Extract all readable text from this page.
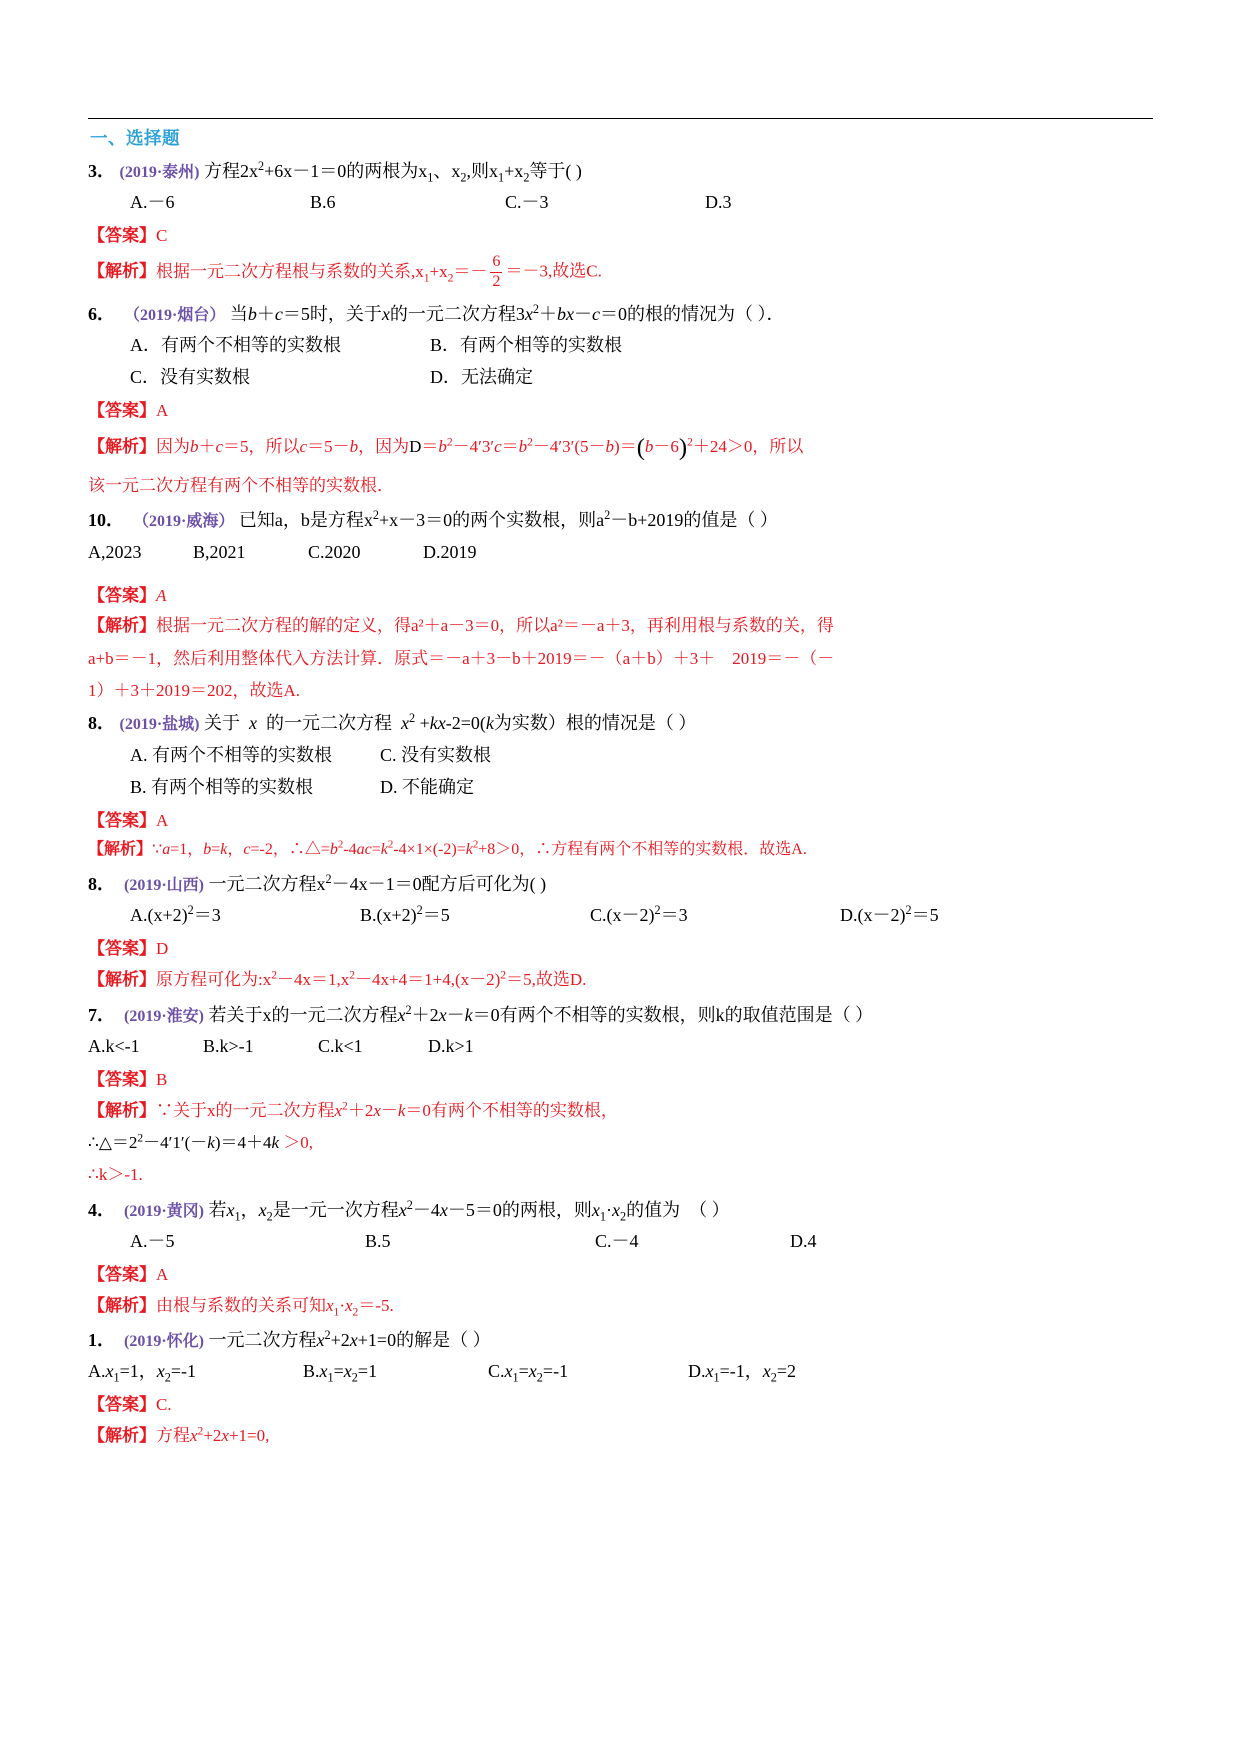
一、选择题
3． (2019·泰州) 方程$2x^2+6x-1=0$的两根为$x_1$、$x_2$,则$x_1+x_2$等于( )
A.－6	B.6	C.－3	D.3
【答案】C
【解析】根据一元二次方程根与系数的关系$,x_1+x_2=- \frac{6}{2} =-3$,故选C.
6． （2019·烟台） 当b＋c＝5时，关于x的一元二次方程$3x^2+bx-c=0$的根的情况为（ ）．
A．有两个不相等的实数根	B．有两个相等的实数根
C．没有实数根	D．无法确定
【答案】A
【解析】因为b＋c＝5，所以c＝5－b，因为$D=b^2-4'3'c=b^2-4'3'(5-b)=(b-6)^2+24>0$，所以
该一元二次方程有两个不相等的实数根．
10． （2019·威海） 已知a，b是方程$x^2+x-3=0$的两个实数根，则$a^2-b+2019$的值是（ ）
A,2023	B,2021	C.2020	D.2019
【答案】A
【解析】根据一元二次方程的解的定义，得a²＋a－3＝0，所以a²＝－a＋3，再利用根与系数的关，得
a+b＝－1，然后利用整体代入方法计算．原式＝－a＋3－b＋2019＝－（a＋b）＋3＋　2019＝－（－
1）＋3＋2019＝202，故选A.
8． (2019·盐城) 关于  x  的一元二次方程  $x^2 +kx-2=0(k$为实数）根的情况是（ ）
A. 有两个不相等的实数根	C. 没有实数根
B. 有两个相等的实数根	D. 不能确定
【答案】A
【解析】∵a=1，b=k，c=-2，$\therefore\triangle=b^2-4ac=k^2-4\times 1\times(-2)=k^2+8>0$，∴方程有两个不相等的实数根．故选A.
8． (2019·山西) 一元二次方程$x^2-4x-1=0$配方后可化为( )
$A.(x+2)^2=3$	$B.(x+2)^2=5$	$C.(x-2)^2=3$	$D.(x-2)^2=5$
【答案】D
【解析】原方程可化为$:x^2-4x=1,x^2-4x+4=1+4,(x-2)^2=5$,故选D.
7． (2019·淮安) 若关于x的一元二次方程$x^2+2x-k=0$有两个不相等的实数根，则k的取值范围是（ ）
A.k<-1	B.k>-1	C.k<1	D.k>1
【答案】B
【解析】∵关于x的一元二次方程$x^2+2x-k=0$有两个不相等的实数根，
$\therefore\triangle=2^2-4'1'(-k)=4+4k >0$,
∴k＞-1.
4． (2019·黄冈) 若$x_1$，$x_2$是一元一次方程$x^2-4x-5=0$的两根，则$x_1\cdot x_2$的值为  （ ）
A.－5	B.5	C.－4	D.4
【答案】A
【解析】由根与系数的关系可知$x_1\cdot x_2=-5$.
1． (2019·怀化) 一元二次方程$x^2+2x+1=0$的解是（ ）
$A.x_1=1$，$x_2=-1$	$B.x_1=x_2=1$	$C.x_1=x_2=-1$	$D.x_1=-1$，$x_2=2$
【答案】C.
【解析】方程$x^2+2x+1=0$,
